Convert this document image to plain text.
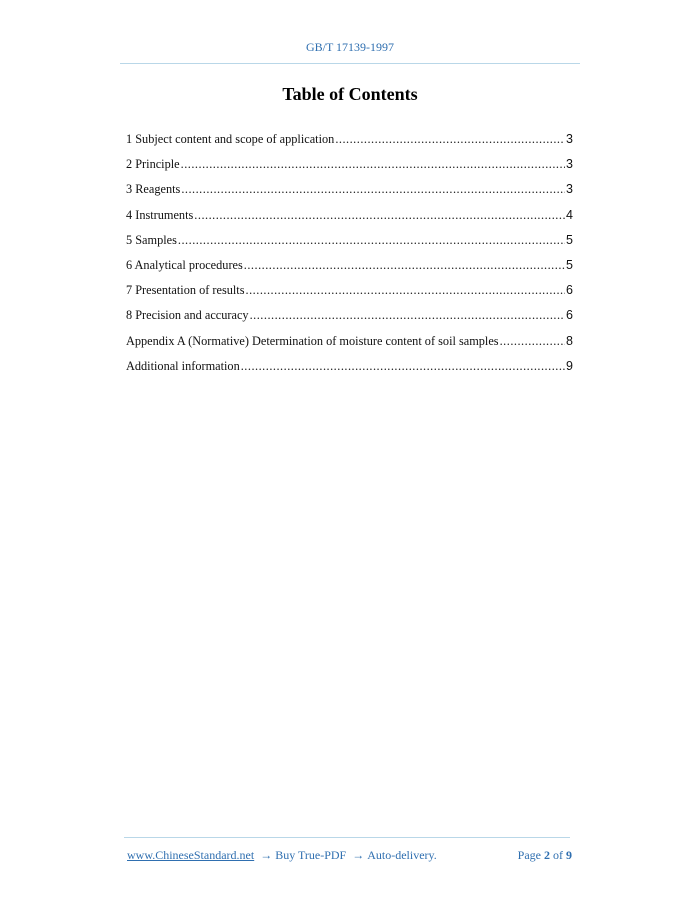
GB/T 17139-1997
Table of Contents
1 Subject content and scope of application .....	3
2 Principle .....	3
3 Reagents .....	3
4 Instruments .....	4
5 Samples .....	5
6 Analytical procedures .....	5
7 Presentation of results .....	6
8 Precision and accuracy .....	6
Appendix A (Normative) Determination of moisture content of soil samples .....	8
Additional information .....	9
www.ChineseStandard.net → Buy True-PDF → Auto-delivery.	Page 2 of 9
